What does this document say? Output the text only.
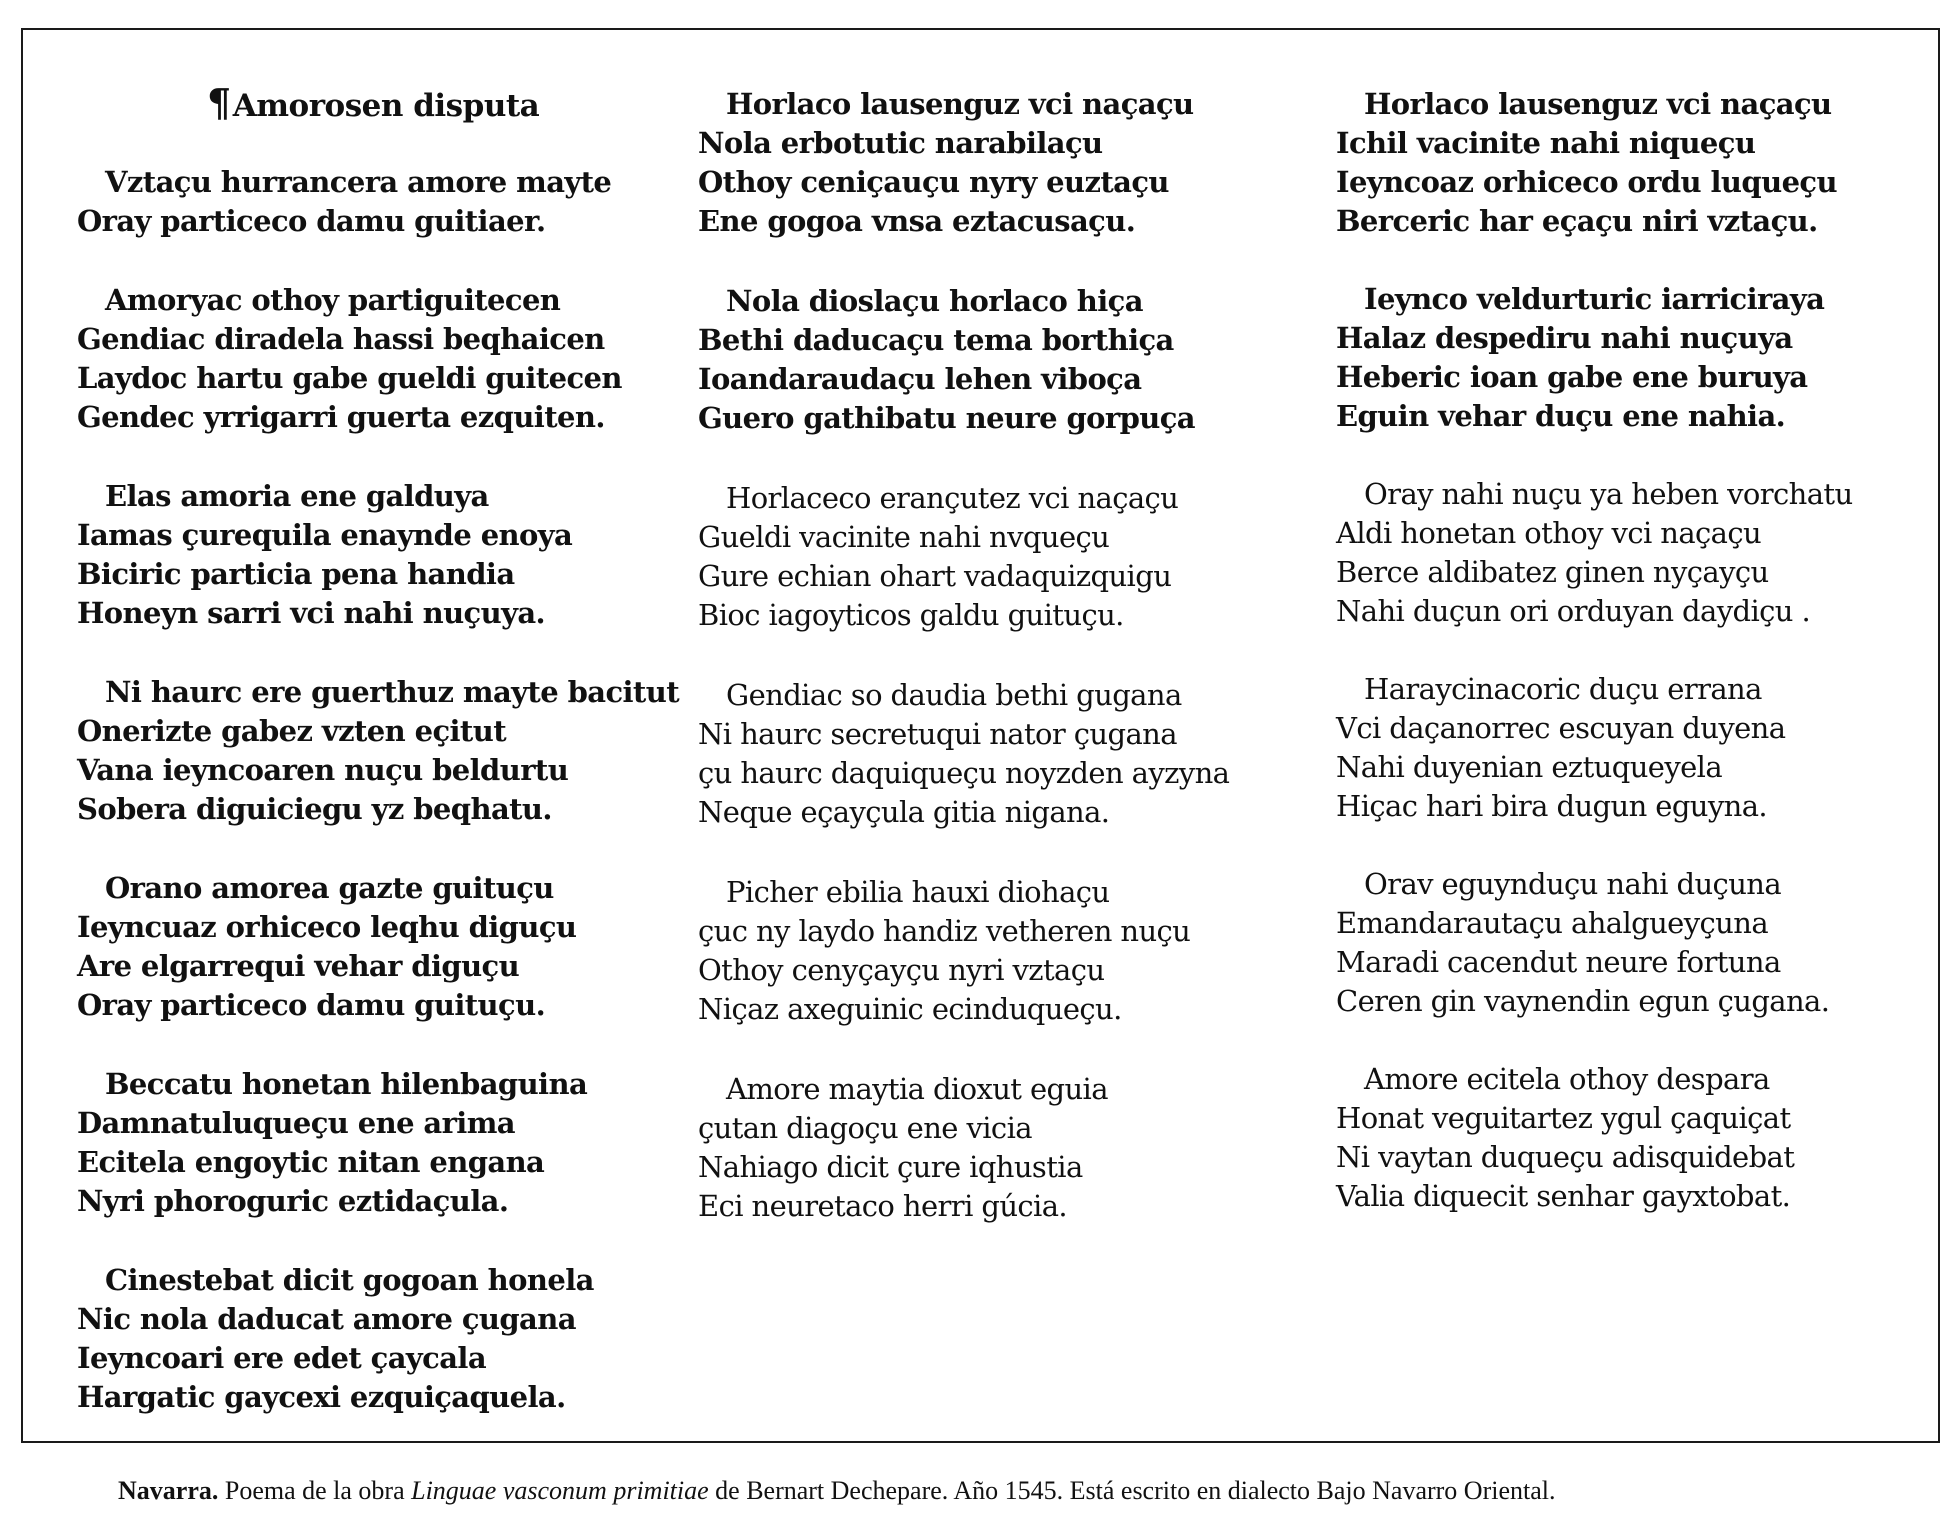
¶Amorosen disputa
Vztaçu hurrancera amore mayte
Oray particeco damu guitiaer.
Amoryac othoy partiguitecen
Gendiac diradela hassi beqhaicen
Laydoc hartu gabe gueldi guitecen
Gendec yrrigarri guerta ezquiten.
Elas amoria ene galduya
Iamas çurequila enaynde enoya
Biciric particia pena handia
Honeyn sarri vci nahi nuçuya.
Ni haurc ere guerthuz mayte bacitut
Onerizte gabez vzten eçitut
Vana ieyncoaren nuçu beldurtu
Sobera diguiciegu yz beqhatu.
Orano amorea gazte guituçu
Ieyncuaz orhiceco leqhu diguçu
Are elgarrequi vehar diguçu
Oray particeco damu guituçu.
Beccatu honetan hilenbaguina
Damnatuluqueçu ene arima
Ecitela engoytic nitan engana
Nyri phoroguric eztidaçula.
Cinestebat dicit gogoan honela
Nic nola daducat amore çugana
Ieyncoari ere edet çaycala
Hargatic gaycexi ezquiçaquela.
Horlaco lausenguz vci naçaçu
Nola erbotutic narabilaçu
Othoy ceniçauçu nyry euztaçu
Ene gogoa vnsa eztacusaçu.
Nola dioslaçu horlaco hiça
Bethi daducaçu tema borthiça
Ioandaraudaçu lehen viboça
Guero gathibatu neure gorpuça
Horlaceco erançutez vci naçaçu
Gueldi vacinite nahi nvqueçu
Gure echian ohart vadaquizquigu
Bioc iagoyticos galdu guituçu.
Gendiac so daudia bethi gugana
Ni haurc secretuqui nator çugana
çu haurc daquiqueçu noyzden ayzyna
Neque eçayçula gitia nigana.
Picher ebilia hauxi diohaçu
çuc ny laydo handiz vetheren nuçu
Othoy cenyçayçu nyri vztaçu
Niçaz axeguinic ecinduqueçu.
Amore maytia dioxut eguia
çutan diagoçu ene vicia
Nahiago dicit çure iqhustia
Eci neuretaco herri gúcia.
Horlaco lausenguz vci naçaçu
Ichil vacinite nahi niqueçu
Ieyncoaz orhiceco ordu luqueçu
Berceric har eçaçu niri vztaçu.
Ieynco veldurturic iarriciraya
Halaz despediru nahi nuçuya
Heberic ioan gabe ene buruya
Eguin vehar duçu ene nahia.
Oray nahi nuçu ya heben vorchatu
Aldi honetan othoy vci naçaçu
Berce aldibatez ginen nyçayçu
Nahi duçun ori orduyan daydiçu .
Haraycinacoric duçu errana
Vci daçanorrec escuyan duyena
Nahi duyenian eztuqueyela
Hiçac hari bira dugun eguyna.
Orav eguynduçu nahi duçuna
Emandarautaçu ahalgueyçuna
Maradi cacendut neure fortuna
Ceren gin vaynendin egun çugana.
Amore ecitela othoy despara
Honat veguitartez ygul çaquiçat
Ni vaytan duqueçu adisquidebat
Valia diquecit senhar gayxtobat.
Navarra. Poema de la obra Linguae vasconum primitiae de Bernart Dechepare. Año 1545. Está escrito en dialecto Bajo Navarro Oriental.
